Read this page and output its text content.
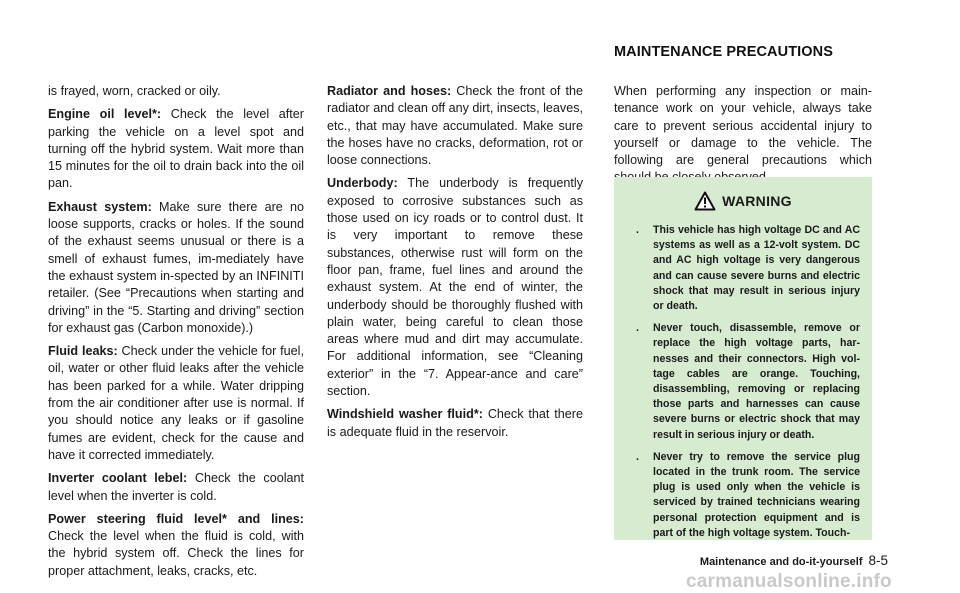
MAINTENANCE PRECAUTIONS

is frayed, worn, cracked or oily.

Engine oil level*: Check the level after parking the vehicle on a level spot and turning off the hybrid system. Wait more than 15 minutes for the oil to drain back into the oil pan.

Exhaust system: Make sure there are no loose supports, cracks or holes. If the sound of the exhaust seems unusual or there is a smell of exhaust fumes, im-mediately have the exhaust system in-spected by an INFINITI retailer. (See “Precautions when starting and driving” in the “5. Starting and driving” section for exhaust gas (Carbon monoxide).)

Fluid leaks: Check under the vehicle for fuel, oil, water or other fluid leaks after the vehicle has been parked for a while. Water dripping from the air conditioner after use is normal. If you should notice any leaks or if gasoline fumes are evident, check for the cause and have it corrected immediately.

Inverter coolant lebel: Check the coolant level when the inverter is cold.

Power steering fluid level* and lines: Check the level when the fluid is cold, with the hybrid system off. Check the lines for proper attachment, leaks, cracks, etc.

Radiator and hoses: Check the front of the radiator and clean off any dirt, insects, leaves, etc., that may have accumulated. Make sure the hoses have no cracks, deformation, rot or loose connections.

Underbody: The underbody is frequently exposed to corrosive substances such as those used on icy roads or to control dust. It is very important to remove these substances, otherwise rust will form on the floor pan, frame, fuel lines and around the exhaust system. At the end of winter, the underbody should be thoroughly flushed with plain water, being careful to clean those areas where mud and dirt may accumulate. For additional information, see “Cleaning exterior” in the “7. Appear-ance and care” section.

Windshield washer fluid*: Check that there is adequate fluid in the reservoir.

When performing any inspection or main-tenance work on your vehicle, always take care to prevent serious accidental injury to yourself or damage to the vehicle. The following are general precautions which

WARNING
. This vehicle has high voltage DC and AC systems as well as a 12-volt system. DC and AC high voltage is very dangerous and can cause severe burns and electric shock that may result in serious injury or death.
. Never touch, disassemble, remove or replace the high voltage parts, har-nesses and their connectors. High vol-tage cables are orange. Touching, disassembling, removing or replacing those parts and harnesses can cause severe burns or electric shock that may result in serious injury or death.
. Never try to remove the service plug located in the trunk room. The service plug is used only when the vehicle is serviced by trained technicians wearing personal protection equipment and is part of the high voltage system. Touch-
Maintenance and do-it-yourself 8-5
carmanualsonline.info
